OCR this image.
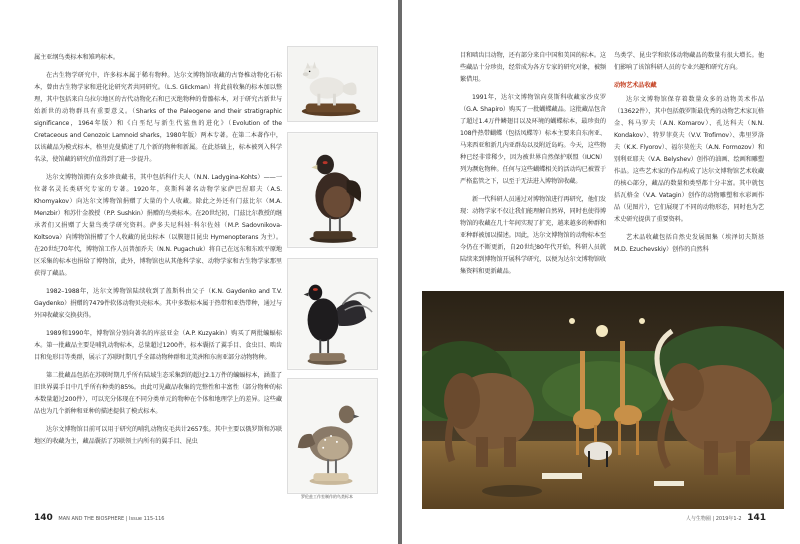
属主亚纲鸟类标本和雉鸡标本。

在古生物学研究中，许多标本属于稀有物种。达尔文博物馆收藏的古脊椎动物化石标本，曾由古生物学家和进化论研究者共同研究。（L.S. Glickman）将此前收集的标本加以整理，其中包括来自乌拉尔地区的古代动物化石和已灭绝物种的骨骼标本，对于研究古新世与始新世的动物群具有重要意义。（Sharks of the Paleogene and their stratigraphic significance，1964年版）和《白垩纪与新生代鲨鱼的进化》（Evolution of the Cretaceous and Cenozoic Lamnoid sharks，1980年版）两本专著。在第二本著作中，以该藏品为模式标本，格里克曼描述了几个新的物种和新属。在此基础上，标本被列入科学名录，使馆藏的研究价值得到了进一步提升。

达尔文博物馆拥有众多珍贵藏书，其中包括科什夫人（N.N. Ladygina-Kohts）——一位著名灵长类研究专家的专著。1920年，莫斯科著名动物学家萨巴涅耶夫（A.S. Khomyakov）向达尔文博物馆捐赠了大量的个人收藏。除此之外还有门兹比尔（M.A. Menzbir）和苏什金教授（P.P. Sushkin）捐赠的鸟类标本。在20世纪初，门兹比尔教授的继承者们又捐赠了大量鸟类学研究资料。萨多夫尼科娃·科尔佐娃（M.P. Sadovnikova-Koltsova）向博物馆捐赠了个人收藏的昆虫标本（以膜翅目昆虫 Hymenopterans 为主）。在20世纪70年代，博物馆工作人员普加乔夫（N.N. Pugachuk）将自己在远东和东欧平原地区采集的标本也捐给了博物馆，此外，博物馆也从其他科学家、动物学家和古生物学家那里获得了藏品。

1982–1988年，达尔文博物馆陆续收到了盖斯科由父子（K.N. Gaydenko and T.V. Gaydenko）捐赠的7479件软体动物贝壳标本。其中多数标本属于热带和亚热带种，通过与外国收藏家交换获得。

1989和1990年，博物馆分别向著名的库兹亚金（A.P. Kuzyakin）购买了两批蝙蝠标本。第一批藏品主要是哺乳动物标本，总量超过1200件，标本囊括了翼手目、食虫目、啮齿目和兔形目等类群，展示了苏联时期几乎全部动物种群和北美洲和东南亚部分动物物种。

第二批藏品包括在苏联时期几乎所有陆域生态采集到的超过2.1万件的蝙蝠标本，涵盖了旧世界翼手目中几乎所有种类的85%。由此可见藏品收集的完整性和丰富性（部分物种的标本数量超过200件），可以充分体现在不同分类单元的物种在个体和地理学上的差异。这些藏品也为几个新种和亚种的描述提供了模式标本。

达尔文博物馆目前可以用于研究的哺乳动物皮毛共计2657张。其中主要以俄罗斯和苏联地区的收藏为主，藏品囊括了苏联领土内所有的翼手目、昆虫

罗伦兹工作室制作的鸟类标本
140 MAN AND THE BIOSPHERE | Issue 115-116

目和啮齿目动物，还有部分来自中国和美国的标本。这些藏品十分珍贵，经常成为各方专家的研究对象，被频繁借用。

1991年，达尔文博物馆向莫斯科收藏家沙皮罗（G.A. Shapiro）购买了一批蝴蝶藏品。这批藏品包含了超过1.4万件鳞翅目以及环境的蝴蝶标本，最珍贵的108件热带蝴蝶（包括凤蝶等）标本主要来自东南亚、马来西亚和新几内亚群岛以及附近岛屿。今天，这些物种已经非常稀少，因为被世界自然保护联盟（IUCN）列为濒危物种。任何与这些蝴蝶相关的活动均已被置于严格监管之下，以至于无法进入博物馆收藏。

新一代科研人员通过对博物馆进行再研究，他们发现：动物学家不仅让我们能理解自然界，同时也使得博物馆的收藏在几十年间实现了扩充，越来越多的种群和亚种群被加以描述。因此，达尔文博物馆的动物标本至今仍在不断更新，自20世纪80年代开始，科研人员就陆续来到博物馆开展科学研究，以便为达尔文博物馆收集资料和更新藏品。

鸟类学、昆虫学和软体动物藏品的数量有很大增长。他们影响了该馆科研人员的专业兴趣和研究方向。

动物艺术品收藏

达尔文博物馆保存着数量众多的动物美术作品（13622件），其中包括俄罗斯最优秀的动物艺术家瓦格金、科马罗夫（A.N. Komarov）、孔达科夫（N.N. Kondakov）、特罗菲莫夫（V.V. Trofimov）、弗里罗洛夫（K.K. Flyorov）、福尔莫佐夫（A.N. Formozov）和别利亚耶夫（V.A. Belyshev）创作的油画、绘画和雕塑作品。这些艺术家的作品构成了达尔文博物馆艺术收藏的核心部分，藏品的数量和类型都十分丰富。其中就包括瓦格金（V.A. Vatagin）创作的动物雕塑和水彩画作品（见图片），它们展现了不同的动物形态，同时也为艺术史研究提供了重要资料。

艺术品收藏包括自然史发展图集（埃泽切夫斯基 M.D. Ezuchevskiy）创作的自然科

人与生物圈 | 2019年1-2 141
